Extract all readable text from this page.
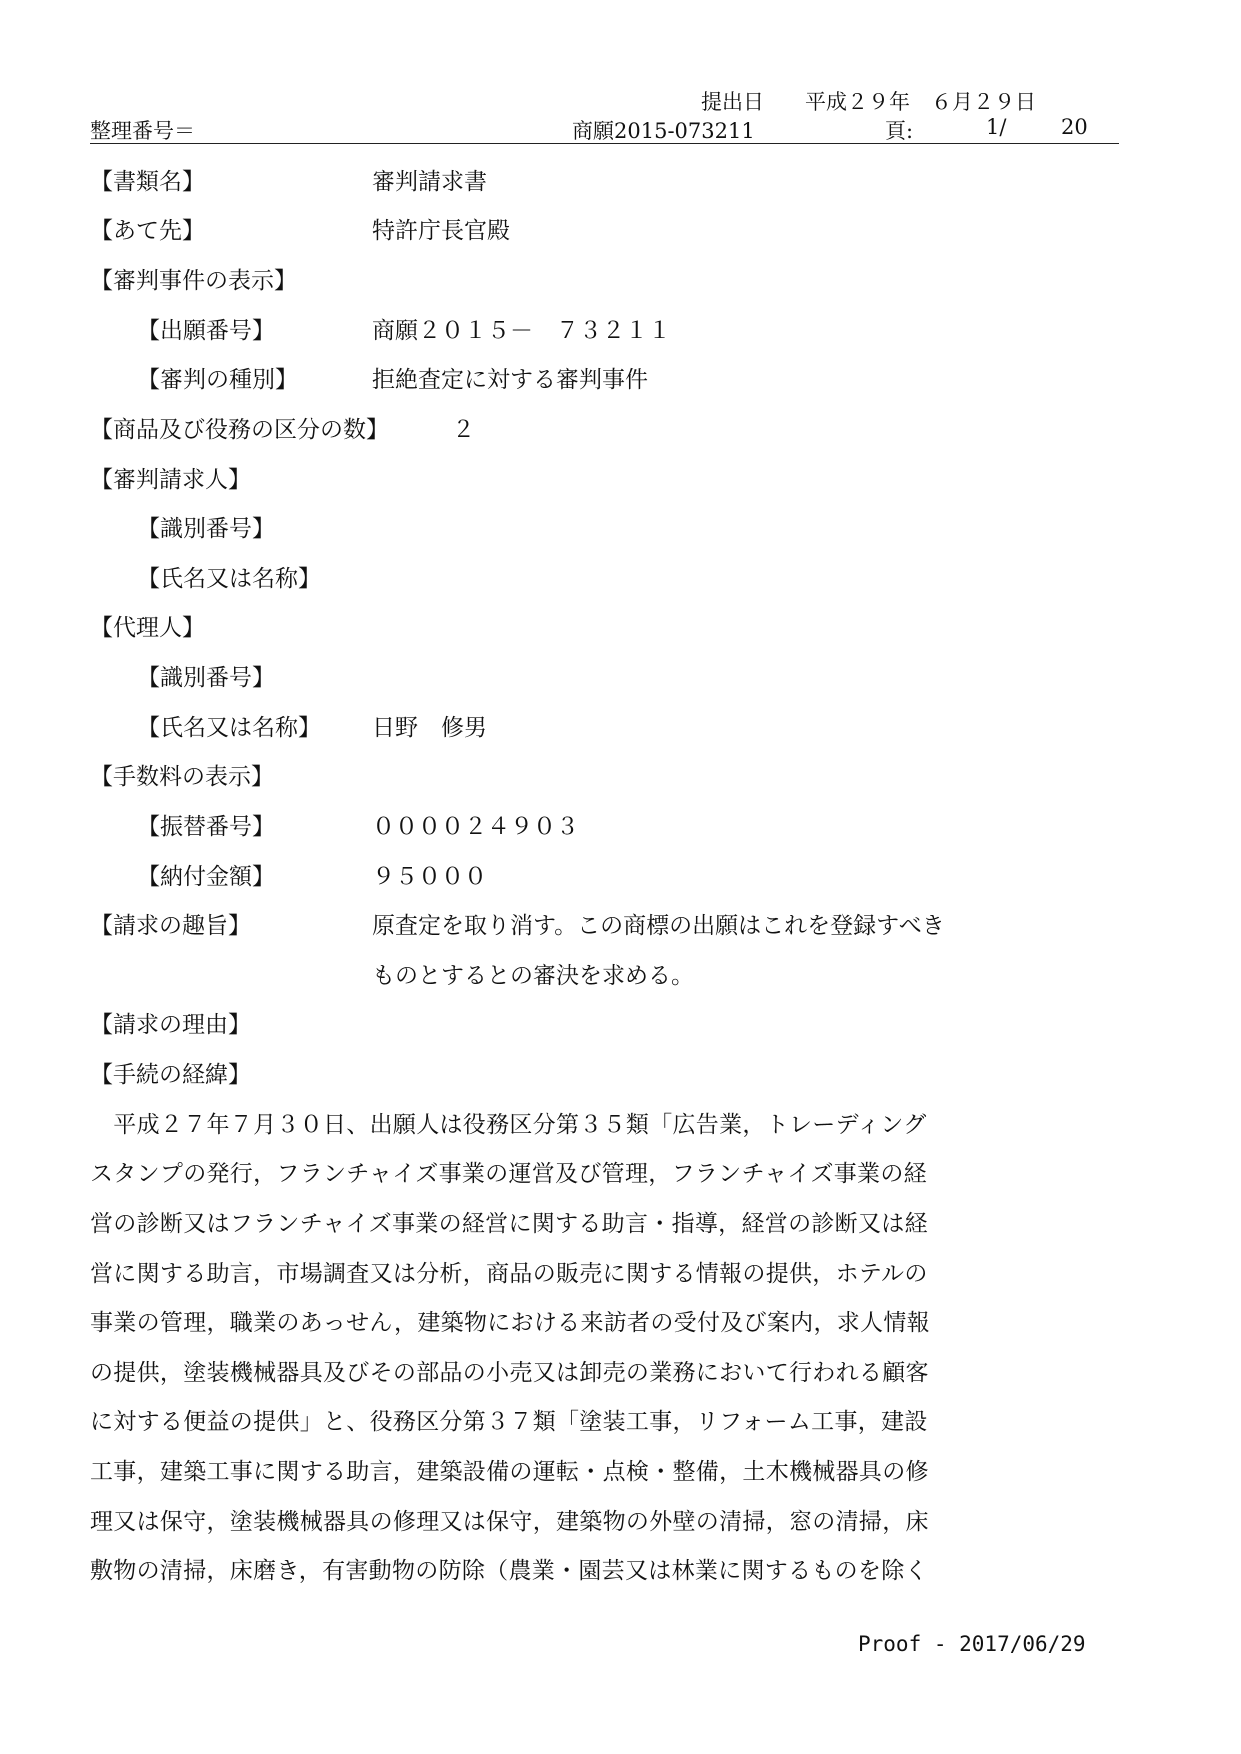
提出日 平成２９年　６月２９日
整理番号＝	商願2015-073211	頁:	1/	20
【書類名】	審判請求書
【あて先】	特許庁長官殿
【審判事件の表示】
【出願番号】	商願２０１５－　７３２１１
【審判の種別】	拒絶査定に対する審判事件
【商品及び役務の区分の数】	２
【審判請求人】
【識別番号】
【氏名又は名称】
【代理人】
【識別番号】
【氏名又は名称】 日野　修男
【手数料の表示】
【振替番号】	００００２４９０３
【納付金額】	９５０００
【請求の趣旨】	原査定を取り消す。この商標の出願はこれを登録すべき
ものとするとの審決を求める。
【請求の理由】
【手続の経緯】
　平成２７年７月３０日、出願人は役務区分第３５類「広告業，トレーディング
スタンプの発行，フランチャイズ事業の運営及び管理，フランチャイズ事業の経
営の診断又はフランチャイズ事業の経営に関する助言・指導，経営の診断又は経
営に関する助言，市場調査又は分析，商品の販売に関する情報の提供，ホテルの
事業の管理，職業のあっせん，建築物における来訪者の受付及び案内，求人情報
の提供，塗装機械器具及びその部品の小売又は卸売の業務において行われる顧客
に対する便益の提供」と、役務区分第３７類「塗装工事，リフォーム工事，建設
工事，建築工事に関する助言，建築設備の運転・点検・整備，土木機械器具の修
理又は保守，塗装機械器具の修理又は保守，建築物の外壁の清掃，窓の清掃，床
敷物の清掃，床磨き，有害動物の防除（農業・園芸又は林業に関するものを除く
Proof - 2017/06/29
